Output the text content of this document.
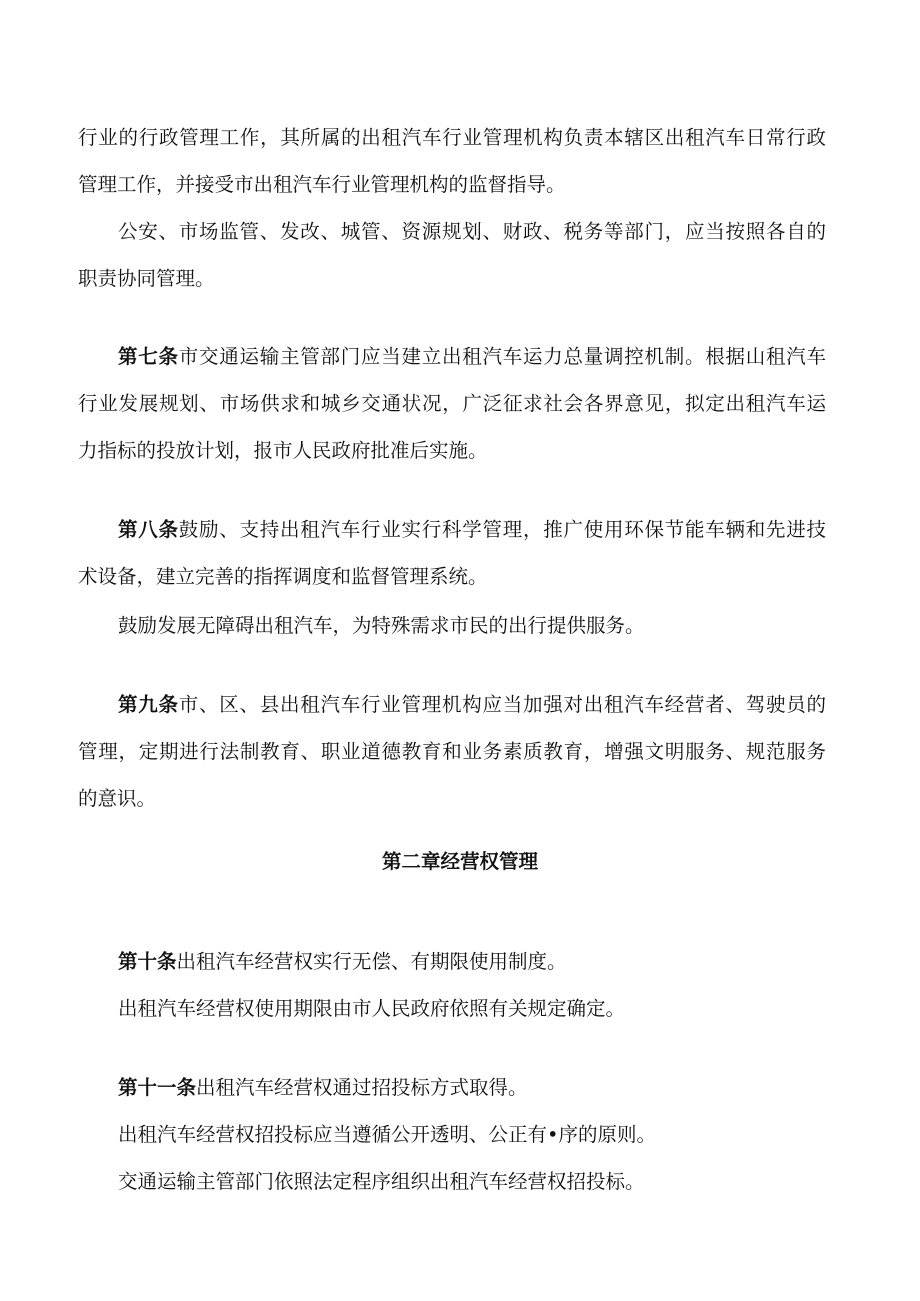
行业的行政管理工作，其所属的出租汽车行业管理机构负责本辖区出租汽车日常行政
管理工作，并接受市出租汽车行业管理机构的监督指导。
公安、市场监管、发改、城管、资源规划、财政、税务等部门，应当按照各自的
职责协同管理。
第七条市交通运输主管部门应当建立出租汽车运力总量调控机制。根据山租汽车
行业发展规划、市场供求和城乡交通状况，广泛征求社会各界意见，拟定出租汽车运
力指标的投放计划，报市人民政府批准后实施。
第八条鼓励、支持出租汽车行业实行科学管理，推广使用环保节能车辆和先进技
术设备，建立完善的指挥调度和监督管理系统。
鼓励发展无障碍出租汽车，为特殊需求市民的出行提供服务。
第九条市、区、县出租汽车行业管理机构应当加强对出租汽车经营者、驾驶员的
管理，定期进行法制教育、职业道德教育和业务素质教育，增强文明服务、规范服务
的意识。
第二章经营权管理
第十条出租汽车经营权实行无偿、有期限使用制度。
出租汽车经营权使用期限由市人民政府依照有关规定确定。
第十一条出租汽车经营权通过招投标方式取得。
出租汽车经营权招投标应当遵循公开透明、公正有•序的原则。
交通运输主管部门依照法定程序组织出租汽车经营权招投标。
